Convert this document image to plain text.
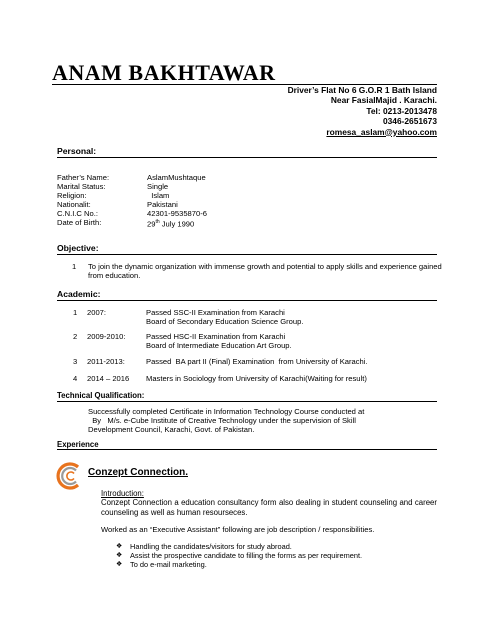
ANAM BAKHTAWAR
Driver’s Flat No 6 G.O.R 1 Bath Island
Near FasialMajid . Karachi.
Tel: 0213-2013478
0346-2651673
romesa_aslam@yahoo.com
Personal:
Father’s Name:	AslamMushtaque
Marital Status:	Single
Religion:	Islam
Nationalit:	Pakistani
C.N.I.C No.:	42301-9535870-6
Date of Birth:	29th July 1990
Objective:
1 To join the dynamic organization with immense growth and potential to apply skills and experience gained
from education.
Academic:
1 2007:	Passed SSC-II Examination from Karachi
Board of Secondary Education Science Group.
2 2009-2010:	Passed HSC-II Examination from Karachi
Board of Intermediate Education Art Group.
3 2011-2013:	Passed  BA part II (Final) Examination  from University of Karachi.
4 2014 – 2016 Masters in Sociology from University of Karachi(Waiting for result)
Technical Qualification:
Successfully completed Certificate in Information Technology Course conducted at
By   M/s. e-Cube Institute of Creative Technology under the supervision of Skill
Development Council, Karachi, Govt. of Pakistan.
Experience
Conzept Connection.
Introduction:
Conzept Connection a education consultancy form also dealing in student counseling and career counseling as well as human resourseces.
Worked as an “Executive Assistant” following are job description / responsibilities.
❖ Handling the candidates/visitors for study abroad.
❖ Assist the prospective candidate to filling the forms as per requirement.
❖ To do e-mail marketing.
